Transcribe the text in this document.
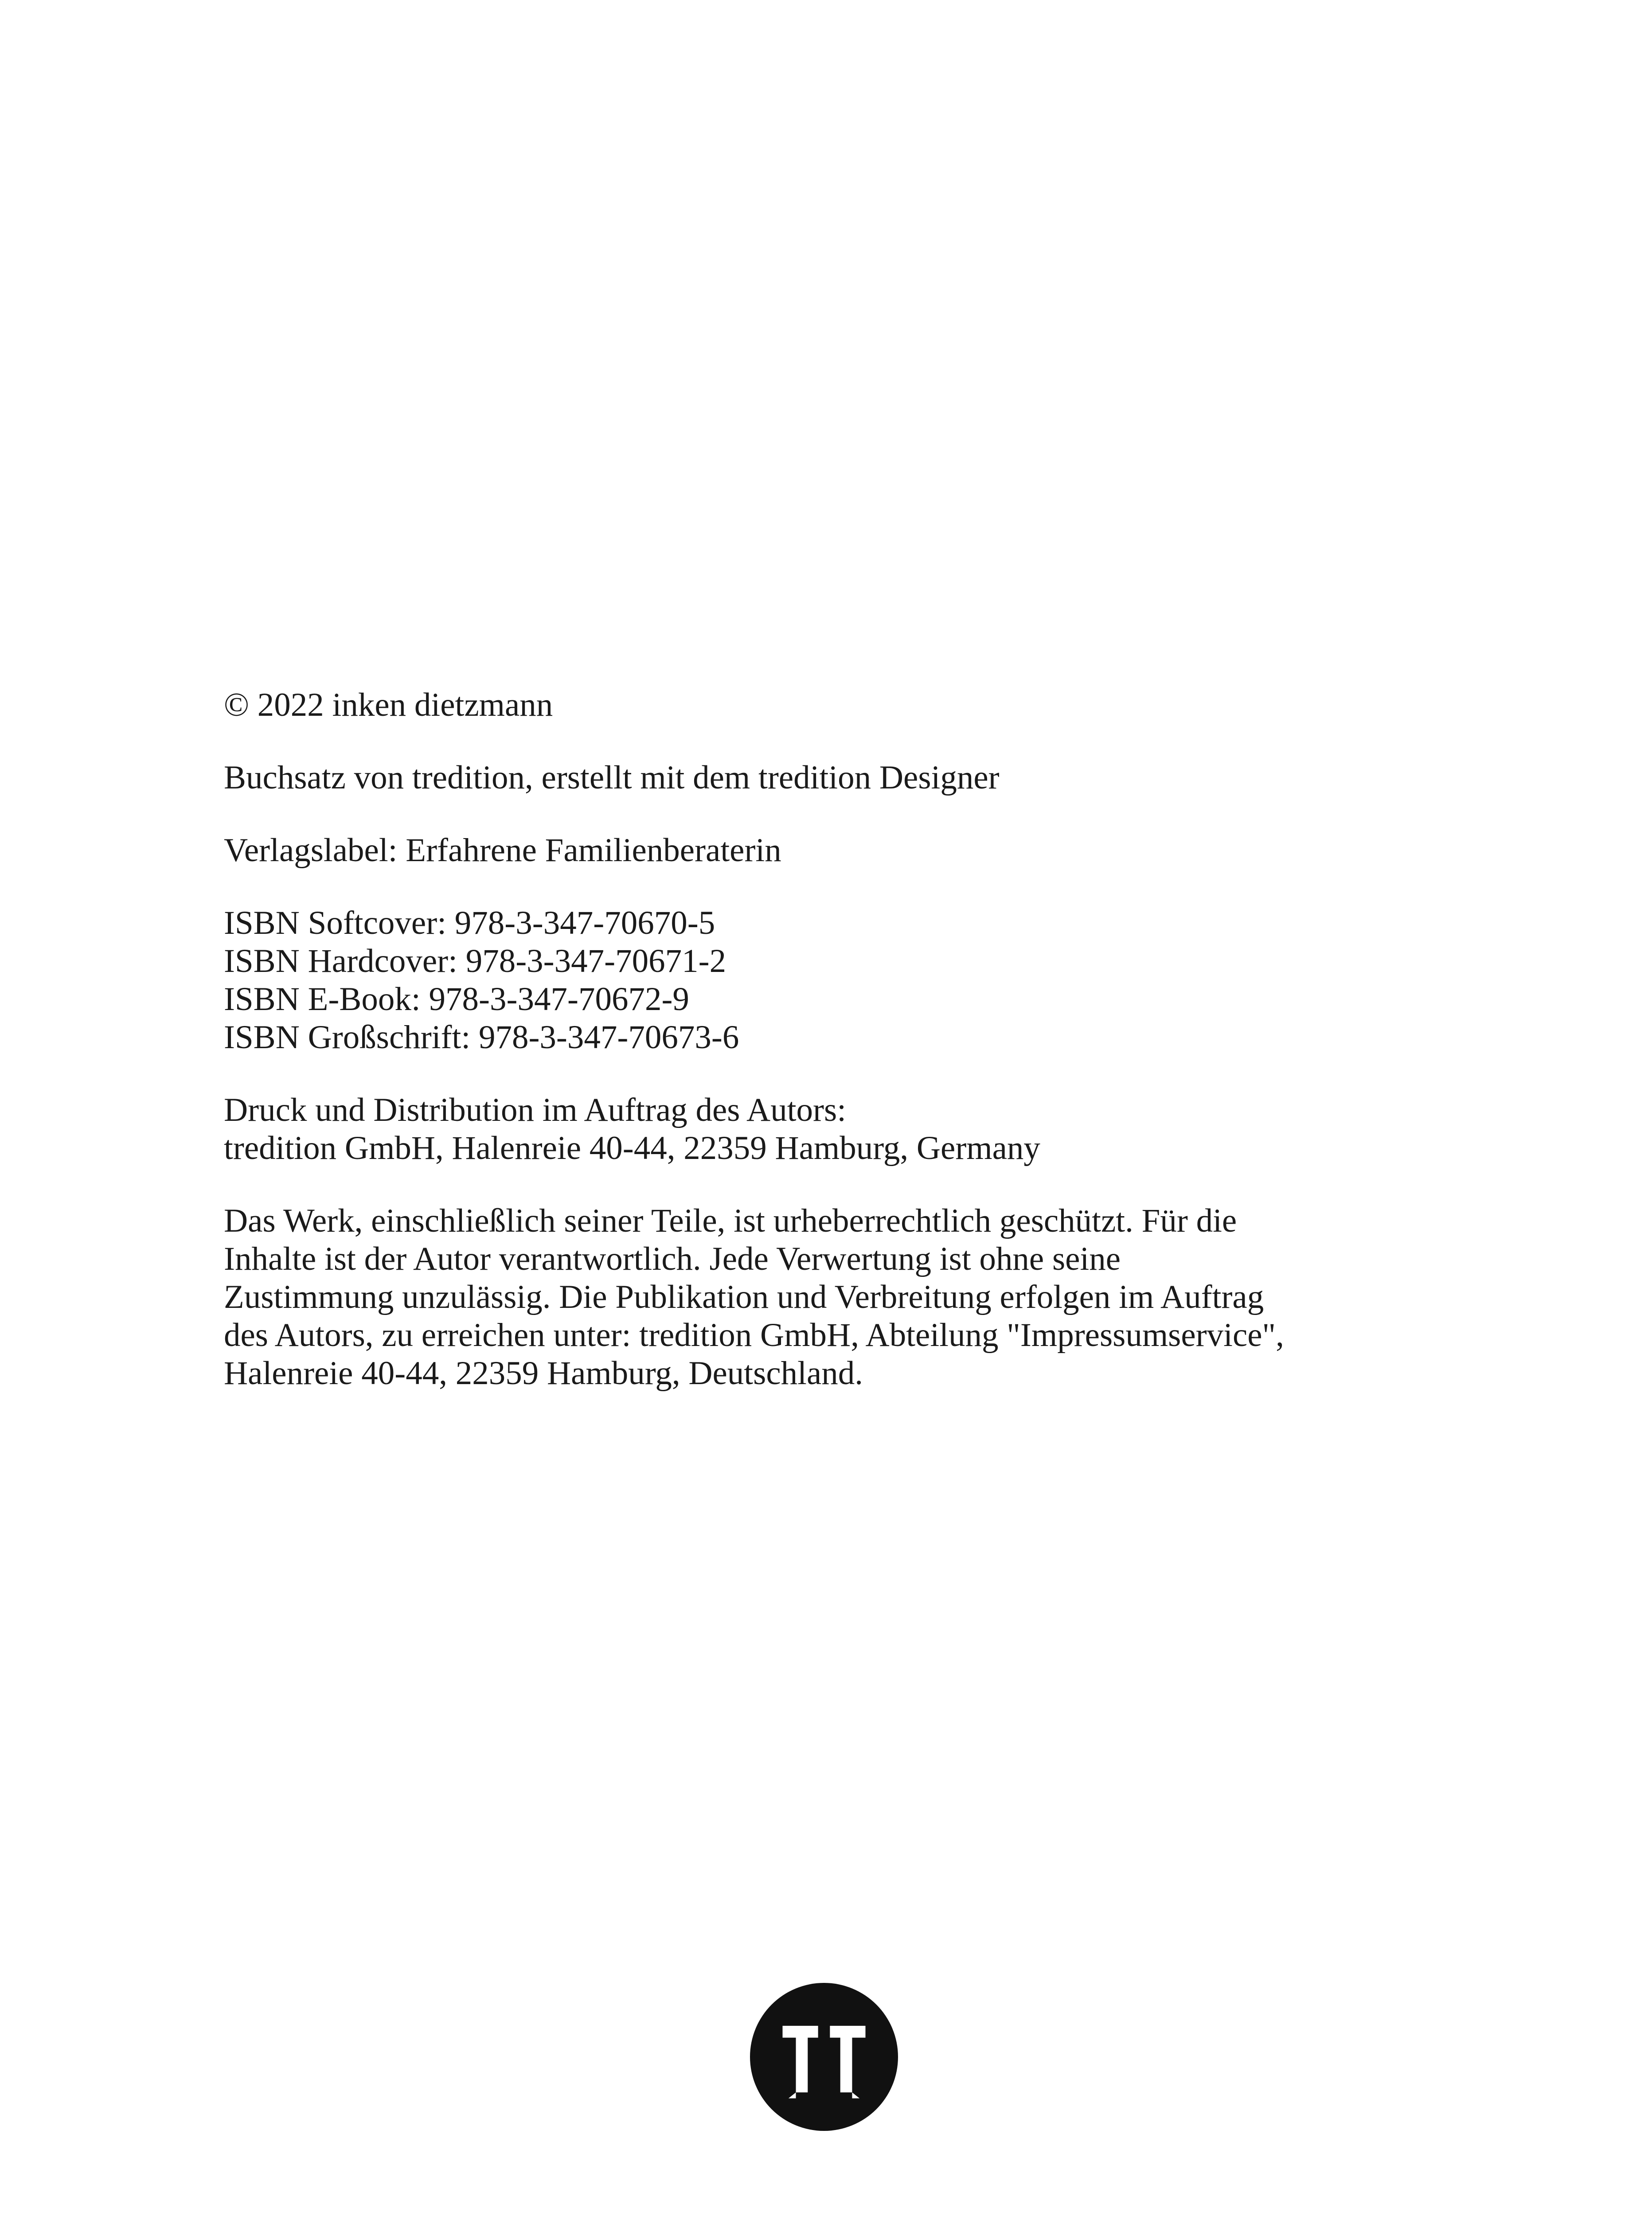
© 2022 inken dietzmann
Buchsatz von tredition, erstellt mit dem tredition Designer
Verlagslabel: Erfahrene Familienberaterin
ISBN Softcover: 978-3-347-70670-5
ISBN Hardcover: 978-3-347-70671-2
ISBN E-Book: 978-3-347-70672-9
ISBN Großschrift: 978-3-347-70673-6
Druck und Distribution im Auftrag des Autors:
tredition GmbH, Halenreie 40-44, 22359 Hamburg, Germany
Das Werk, einschließlich seiner Teile, ist urheberrechtlich geschützt. Für die
Inhalte ist der Autor verantwortlich. Jede Verwertung ist ohne seine
Zustimmung unzulässig. Die Publikation und Verbreitung erfolgen im Auftrag
des Autors, zu erreichen unter: tredition GmbH, Abteilung "Impressumservice",
Halenreie 40-44, 22359 Hamburg, Deutschland.
